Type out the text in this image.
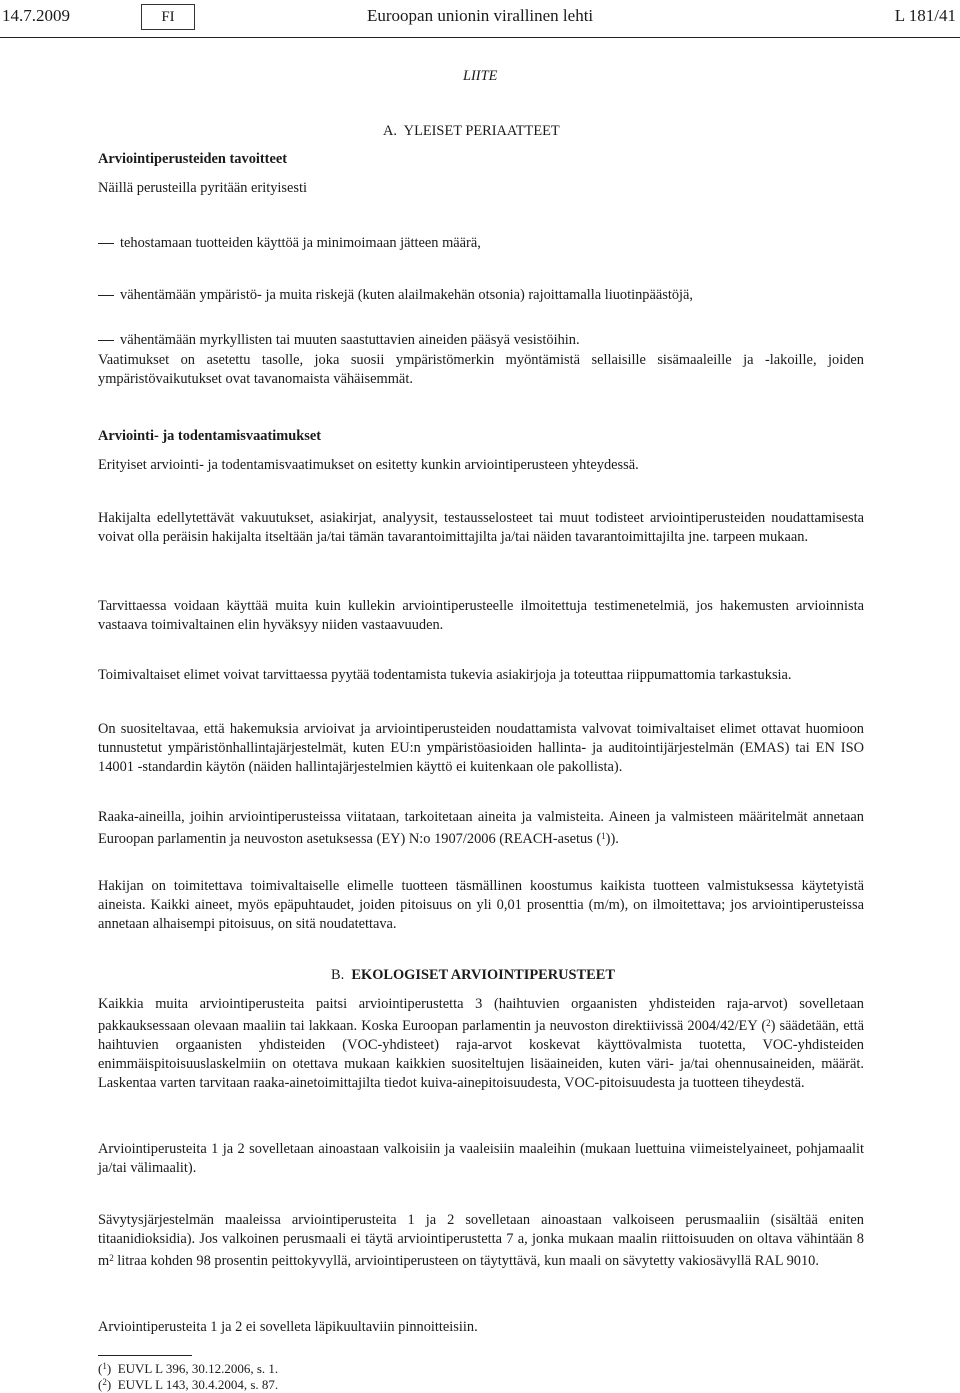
14.7.2009	FI	Euroopan unionin virallinen lehti	L 181/41
LIITE
A. YLEISET PERIAATTEET
Arviointiperusteiden tavoitteet
Näillä perusteilla pyritään erityisesti
tehostamaan tuotteiden käyttöä ja minimoimaan jätteen määrä,
vähentämään ympäristö- ja muita riskejä (kuten alailmakehän otsonia) rajoittamalla liuotinpäästöjä,
vähentämään myrkyllisten tai muuten saastuttavien aineiden pääsyä vesistöihin.
Vaatimukset on asetettu tasolle, joka suosii ympäristömerkin myöntämistä sellaisille sisämaaleille ja -lakoille, joiden ympäristövaikutukset ovat tavanomaista vähäisemmät.
Arviointi- ja todentamisvaatimukset
Erityiset arviointi- ja todentamisvaatimukset on esitetty kunkin arviointiperusteen yhteydessä.
Hakijalta edellytettävät vakuutukset, asiakirjat, analyysit, testausselosteet tai muut todisteet arviointiperusteiden noudattamisesta voivat olla peräisin hakijalta itseltään ja/tai tämän tavarantoimittajilta ja/tai näiden tavarantoimittajilta jne. tarpeen mukaan.
Tarvittaessa voidaan käyttää muita kuin kullekin arviointiperusteelle ilmoitettuja testimenetelmiä, jos hakemusten arvioinnista vastaava toimivaltainen elin hyväksyy niiden vastaavuuden.
Toimivaltaiset elimet voivat tarvittaessa pyytää todentamista tukevia asiakirjoja ja toteuttaa riippumattomia tarkastuksia.
On suositeltavaa, että hakemuksia arvioivat ja arviointiperusteiden noudattamista valvovat toimivaltaiset elimet ottavat huomioon tunnustetut ympäristönhallintajärjestelmät, kuten EU:n ympäristöasioiden hallinta- ja auditointijärjestelmän (EMAS) tai EN ISO 14001 -standardin käytön (näiden hallintajärjestelmien käyttö ei kuitenkaan ole pakollista).
Raaka-aineilla, joihin arviointiperusteissa viitataan, tarkoitetaan aineita ja valmisteita. Aineen ja valmisteen määritelmät annetaan Euroopan parlamentin ja neuvoston asetuksessa (EY) N:o 1907/2006 (REACH-asetus ($^1$)).
Hakijan on toimitettava toimivaltaiselle elimelle tuotteen täsmällinen koostumus kaikista tuotteen valmistuksessa käytetyistä aineista. Kaikki aineet, myös epäpuhtaudet, joiden pitoisuus on yli 0,01 prosenttia (m/m), on ilmoitettava; jos arviointiperusteissa annetaan alhaisempi pitoisuus, on sitä noudatettava.
B. EKOLOGISET ARVIOINTIPERUSTEET
Kaikkia muita arviointiperusteita paitsi arviointiperustetta 3 (haihtuvien orgaanisten yhdisteiden raja-arvot) sovelletaan pakkauksessaan olevaan maaliin tai lakkaan. Koska Euroopan parlamentin ja neuvoston direktiivissä 2004/42/EY ($^2$) säädetään, että haihtuvien orgaanisten yhdisteiden (VOC-yhdisteet) raja-arvot koskevat käyttövalmista tuotetta, VOC-yhdisteiden enimmäispitoisuuslaskelmiin on otettava mukaan kaikkien suositeltujen lisäaineiden, kuten väri- ja/tai ohennusaineiden, määrät. Laskentaa varten tarvitaan raaka-ainetoimittajilta tiedot kuiva-ainepitoisuudesta, VOC-pitoisuudesta ja tuotteen tiheydestä.
Arviointiperusteita 1 ja 2 sovelletaan ainoastaan valkoisiin ja vaaleisiin maaleihin (mukaan luettuina viimeistelyaineet, pohjamaalit ja/tai välimaalit).
Sävytysjärjestelmän maaleissa arviointiperusteita 1 ja 2 sovelletaan ainoastaan valkoiseen perusmaaliin (sisältää eniten titaanidioksidia). Jos valkoinen perusmaali ei täytä arviointiperustetta 7 a, jonka mukaan maalin riittoisuuden on oltava vähintään 8 $m^2$ litraa kohden 98 prosentin peittokyvyllä, arviointiperusteen on täytyttävä, kun maali on sävytetty vakiosävyllä RAL 9010.
Arviointiperusteita 1 ja 2 ei sovelleta läpikuultaviin pinnoitteisiin.
($^1$)  EUVL L 396, 30.12.2006, s. 1.
($^2$)  EUVL L 143, 30.4.2004, s. 87.
